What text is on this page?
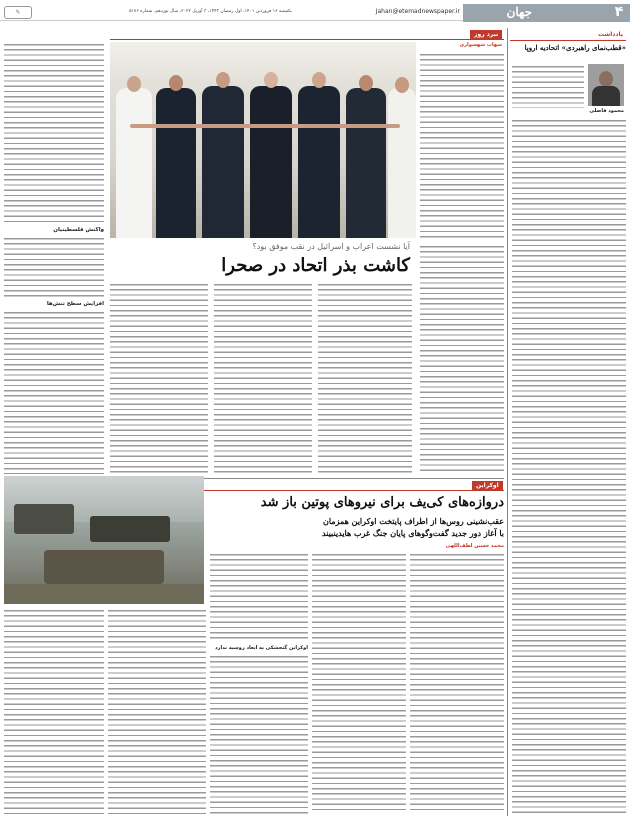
۴
جهان
Jahan@etemadnewspaper.ir
یکشنبه ۱۶ فروردین ۱۴۰۱، اول رمضان ۱۴۴۳، ۳ آوریل ۲۰۲۲، سال نوزدهم، شماره ۵۱۷۶
✎
یادداشت
«قطب‌نمای راهبردی» اتحادیه اروپا
محمود فاضلی
نبرد روز
شهاب شهسواری
آیا نشست اعراب و اسرائیل در نقب موفق بود؟
کاشت بذر اتحاد در صحرا
واکنش فلسطینیان
افزایش سطح تنش‌ها
اوکراین
دروازه‌های کی‌یف برای نیروهای پوتین باز شد
عقب‌نشینی روس‌ها از اطراف پایتخت اوکراین همزمان
با آغاز دور جدید گفت‌وگوهای پایان جنگ غرب هایدینبیند
محمد حسین لطف‌اللهی
اوکراین گنجشکی به ابعاد روسیه ندارد
